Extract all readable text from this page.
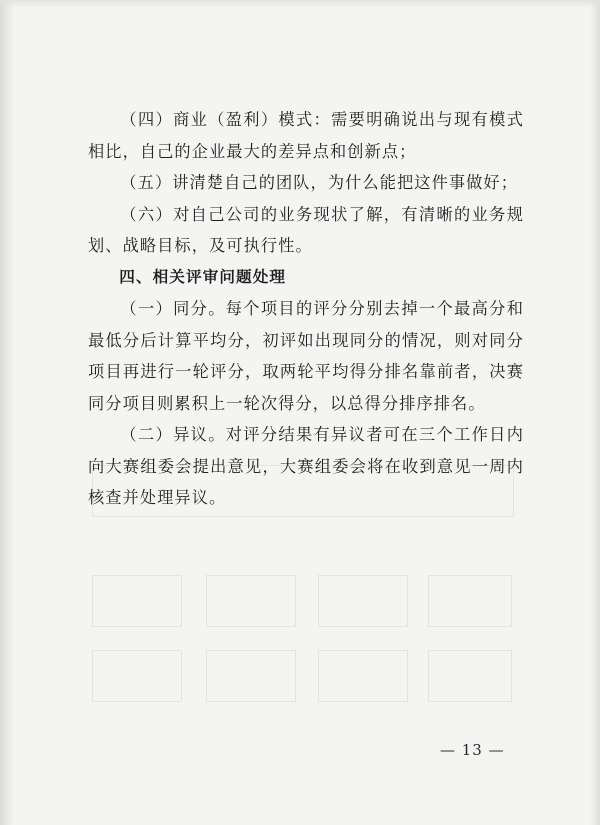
（四）商业（盈利）模式：需要明确说出与现有模式相比，自己的企业最大的差异点和创新点；

（五）讲清楚自己的团队，为什么能把这件事做好；

（六）对自己公司的业务现状了解，有清晰的业务规划、战略目标，及可执行性。

四、相关评审问题处理

（一）同分。每个项目的评分分别去掉一个最高分和最低分后计算平均分，初评如出现同分的情况，则对同分项目再进行一轮评分，取两轮平均得分排名靠前者，决赛同分项目则累积上一轮次得分，以总得分排序排名。

（二）异议。对评分结果有异议者可在三个工作日内向大赛组委会提出意见，大赛组委会将在收到意见一周内核查并处理异议。

— 13 —
